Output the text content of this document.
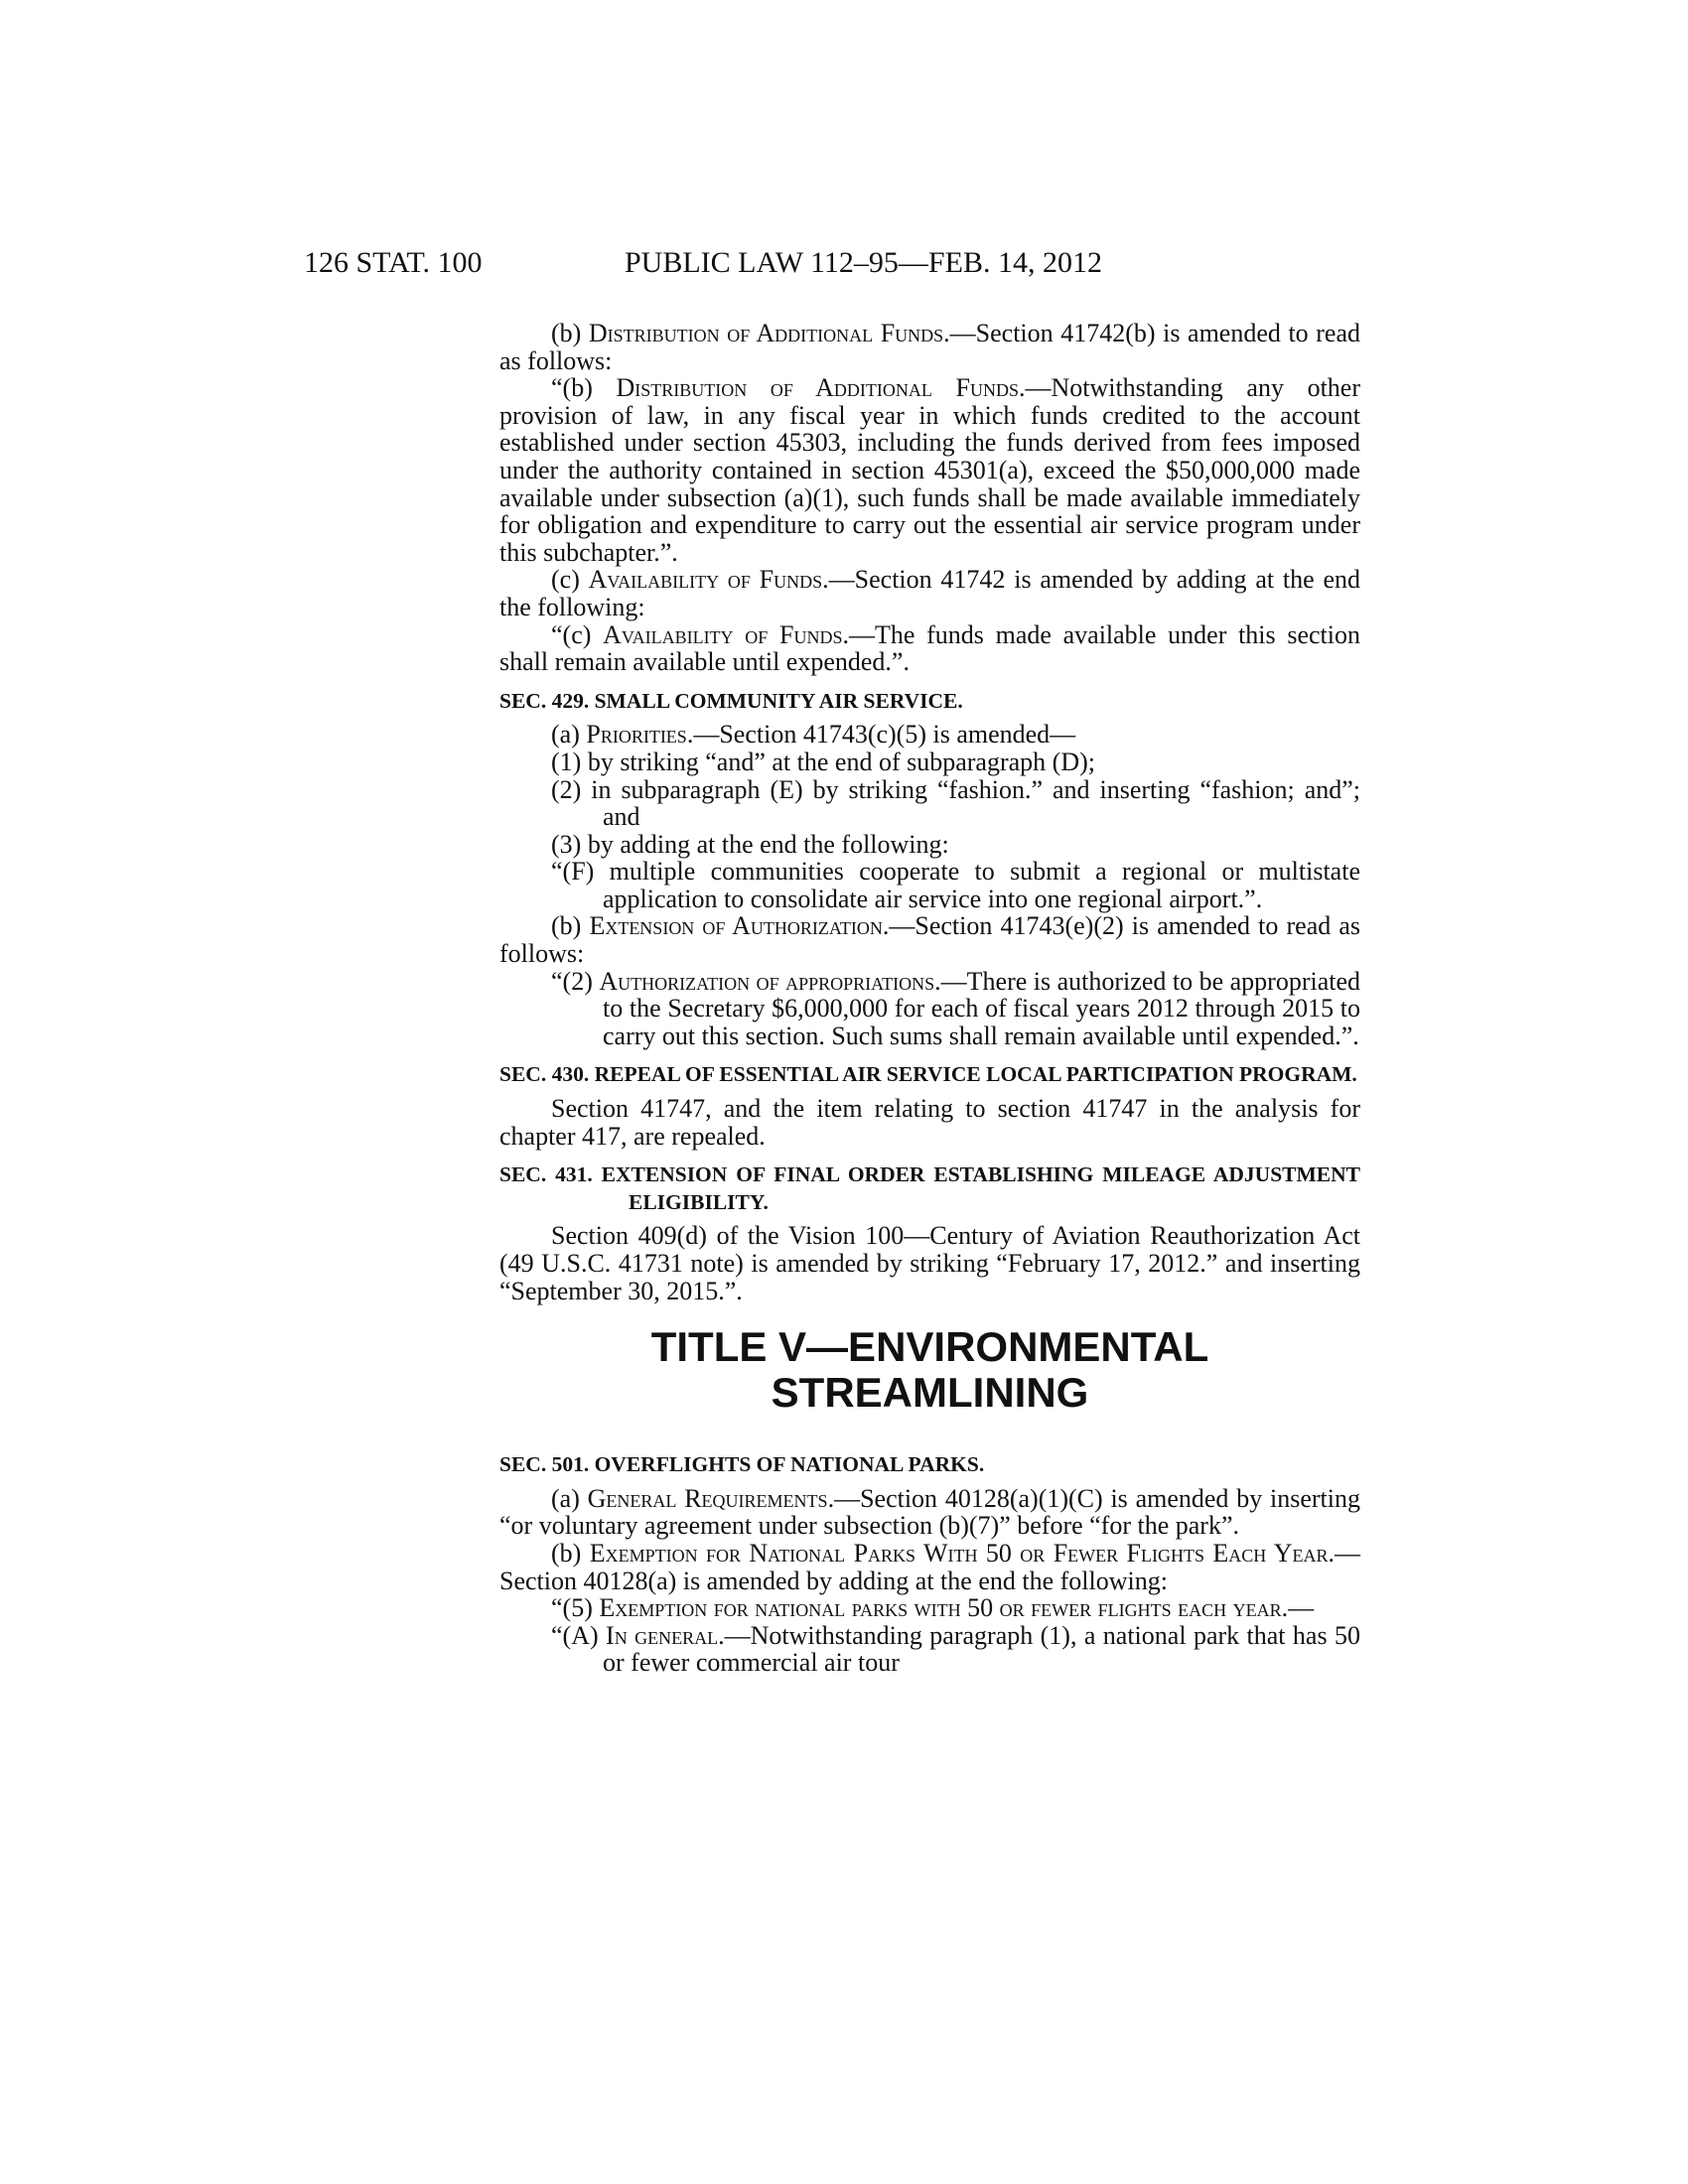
126 STAT. 100	PUBLIC LAW 112–95—FEB. 14, 2012

(b) Distribution of Additional Funds.—Section 41742(b) is amended to read as follows:

“(b) Distribution of Additional Funds.—Notwithstanding any other provision of law, in any fiscal year in which funds credited to the account established under section 45303, including the funds derived from fees imposed under the authority contained in section 45301(a), exceed the $50,000,000 made available under subsection (a)(1), such funds shall be made available immediately for obligation and expenditure to carry out the essential air service program under this subchapter.”.

(c) Availability of Funds.—Section 41742 is amended by adding at the end the following:

“(c) Availability of Funds.—The funds made available under this section shall remain available until expended.”.

SEC. 429. SMALL COMMUNITY AIR SERVICE.

(a) Priorities.—Section 41743(c)(5) is amended—

(1) by striking “and” at the end of subparagraph (D);

(2) in subparagraph (E) by striking “fashion.” and inserting “fashion; and”; and

(3) by adding at the end the following:

“(F) multiple communities cooperate to submit a regional or multistate application to consolidate air service into one regional airport.”.

(b) Extension of Authorization.—Section 41743(e)(2) is amended to read as follows:

“(2) Authorization of appropriations.—There is authorized to be appropriated to the Secretary $6,000,000 for each of fiscal years 2012 through 2015 to carry out this section. Such sums shall remain available until expended.”.

SEC. 430. REPEAL OF ESSENTIAL AIR SERVICE LOCAL PARTICIPATION PROGRAM.

Section 41747, and the item relating to section 41747 in the analysis for chapter 417, are repealed.

SEC. 431. EXTENSION OF FINAL ORDER ESTABLISHING MILEAGE ADJUSTMENT ELIGIBILITY.

Section 409(d) of the Vision 100—Century of Aviation Reauthorization Act (49 U.S.C. 41731 note) is amended by striking “February 17, 2012.” and inserting “September 30, 2015.”.

TITLE V—ENVIRONMENTAL STREAMLINING
SEC. 501. OVERFLIGHTS OF NATIONAL PARKS.

(a) General Requirements.—Section 40128(a)(1)(C) is amended by inserting “or voluntary agreement under subsection (b)(7)” before “for the park”.

(b) Exemption for National Parks With 50 or Fewer Flights Each Year.—Section 40128(a) is amended by adding at the end the following:

“(5) Exemption for national parks with 50 or fewer flights each year.—

“(A) In general.—Notwithstanding paragraph (1), a national park that has 50 or fewer commercial air tour
